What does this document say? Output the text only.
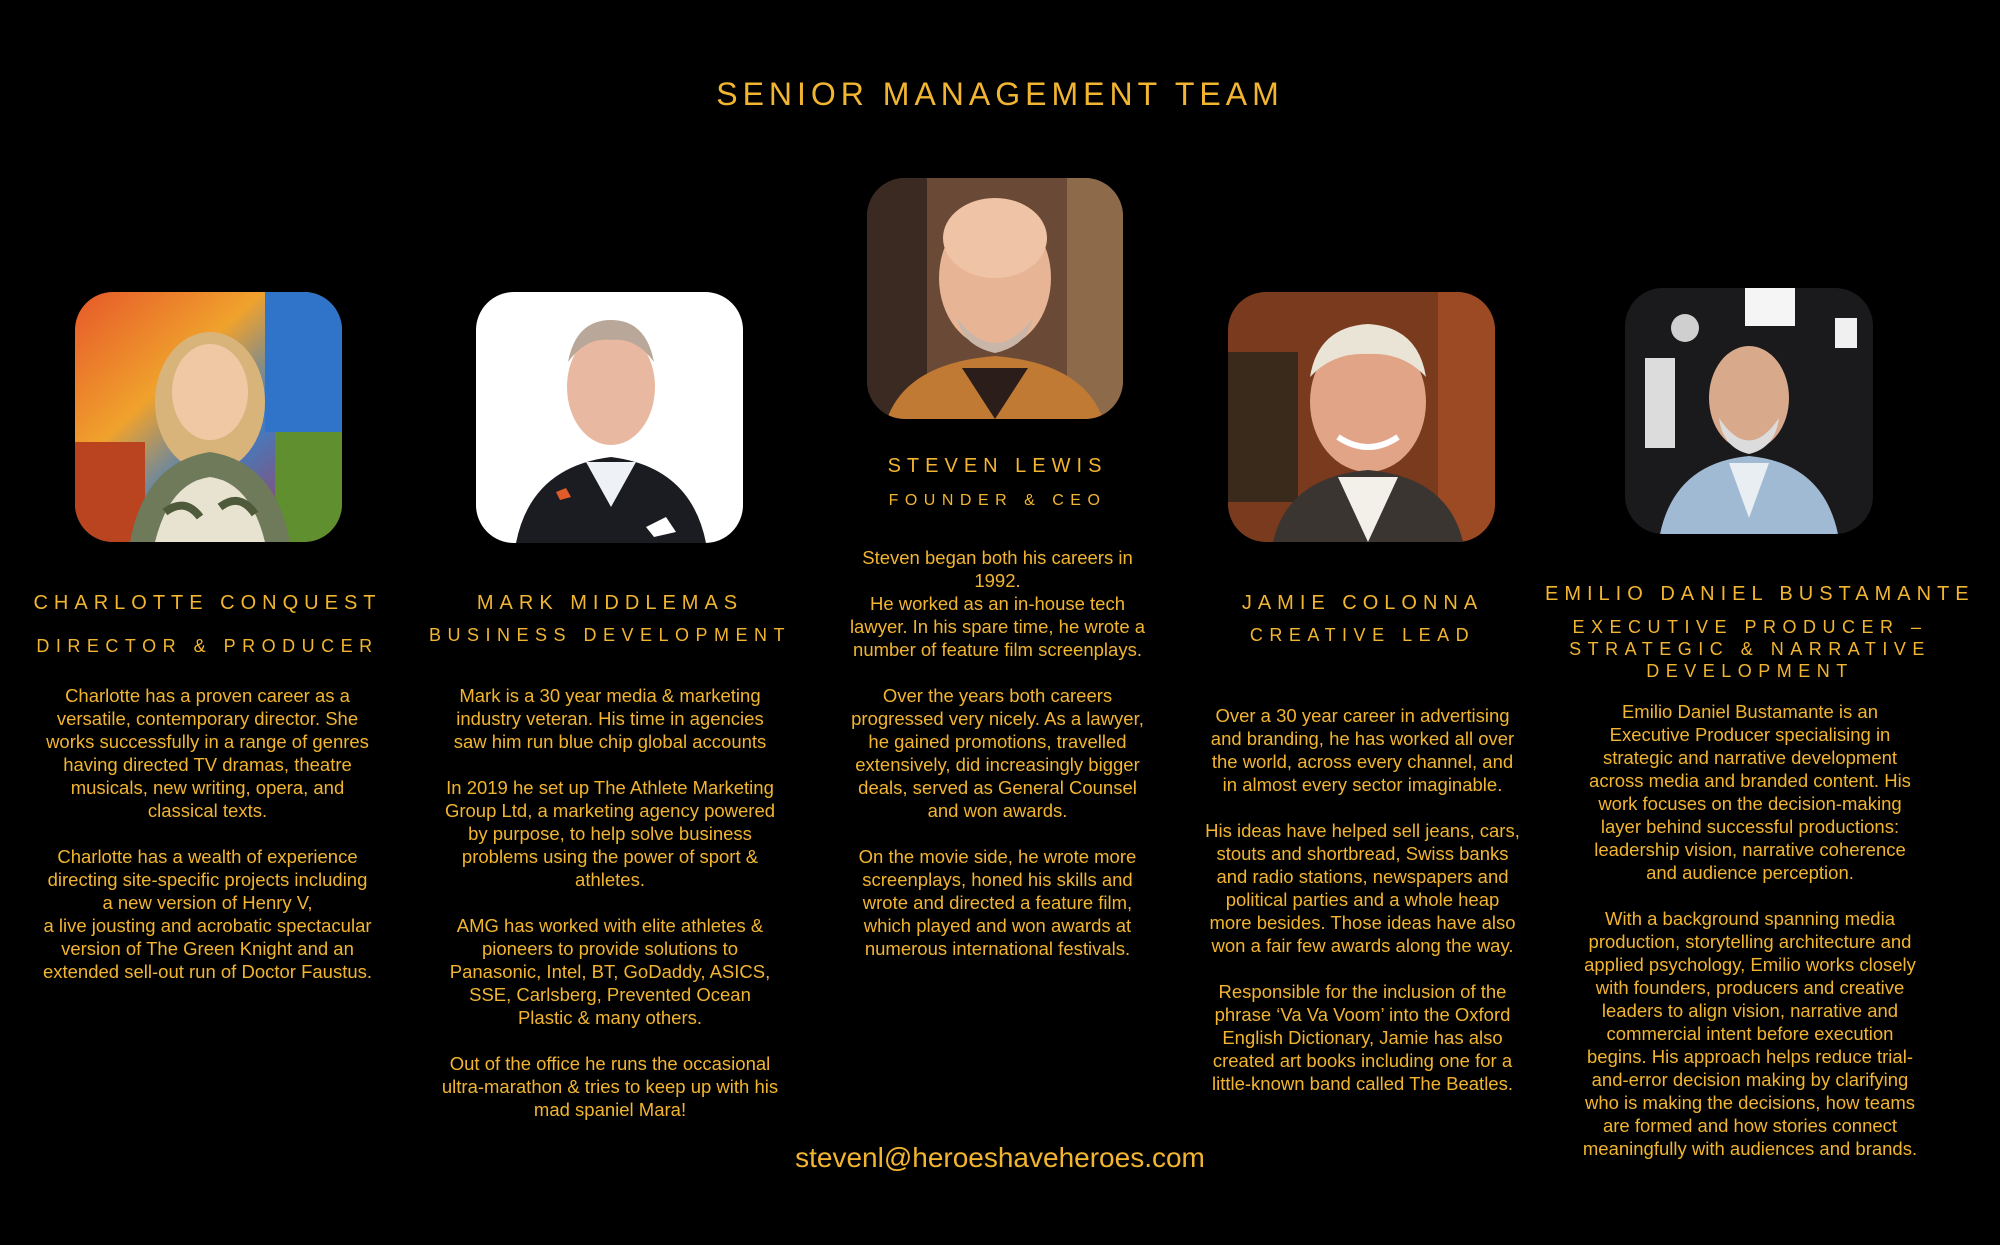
SENIOR MANAGEMENT TEAM
CHARLOTTE CONQUEST
DIRECTOR & PRODUCER
Charlotte has a proven career as a
versatile, contemporary director. She
works successfully in a range of genres
having directed TV dramas, theatre
musicals, new writing, opera, and
classical texts.

Charlotte has a wealth of experience
directing site-specific projects including
a new version of Henry V,
a live jousting and acrobatic spectacular
version of The Green Knight and an
extended sell-out run of Doctor Faustus.
MARK MIDDLEMAS
BUSINESS DEVELOPMENT
Mark is a 30 year media & marketing
industry veteran. His time in agencies
saw him run blue chip global accounts

In 2019 he set up The Athlete Marketing
Group Ltd, a marketing agency powered
by purpose, to help solve business
problems using the power of sport &
athletes.

AMG has worked with elite athletes &
pioneers to provide solutions to
Panasonic, Intel, BT, GoDaddy, ASICS,
SSE, Carlsberg, Prevented Ocean
Plastic & many others.

Out of the office he runs the occasional
ultra-marathon & tries to keep up with his
mad spaniel Mara!
STEVEN LEWIS
FOUNDER & CEO
Steven began both his careers in
1992.
He worked as an in-house tech
lawyer. In his spare time, he wrote a
number of feature film screenplays.

Over the years both careers
progressed very nicely. As a lawyer,
he gained promotions, travelled
extensively, did increasingly bigger
deals, served as General Counsel
and won awards.

On the movie side, he wrote more
screenplays, honed his skills and
wrote and directed a feature film,
which played and won awards at
numerous international festivals.
JAMIE COLONNA
CREATIVE LEAD
Over a 30 year career in advertising
and branding, he has worked all over
the world, across every channel, and
in almost every sector imaginable.

His ideas have helped sell jeans, cars,
stouts and shortbread, Swiss banks
and radio stations, newspapers and
political parties and a whole heap
more besides. Those ideas have also
won a fair few awards along the way.

Responsible for the inclusion of the
phrase ‘Va Va Voom’ into the Oxford
English Dictionary, Jamie has also
created art books including one for a
little-known band called The Beatles.
EMILIO DANIEL BUSTAMANTE
EXECUTIVE PRODUCER – STRATEGIC & NARRATIVE DEVELOPMENT
Emilio Daniel Bustamante is an
Executive Producer specialising in
strategic and narrative development
across media and branded content. His
work focuses on the decision-making
layer behind successful productions:
leadership vision, narrative coherence
and audience perception.

With a background spanning media
production, storytelling architecture and
applied psychology, Emilio works closely
with founders, producers and creative
leaders to align vision, narrative and
commercial intent before execution
begins. His approach helps reduce trial-
and-error decision making by clarifying
who is making the decisions, how teams
are formed and how stories connect
meaningfully with audiences and brands.
stevenl@heroeshaveheroes.com
